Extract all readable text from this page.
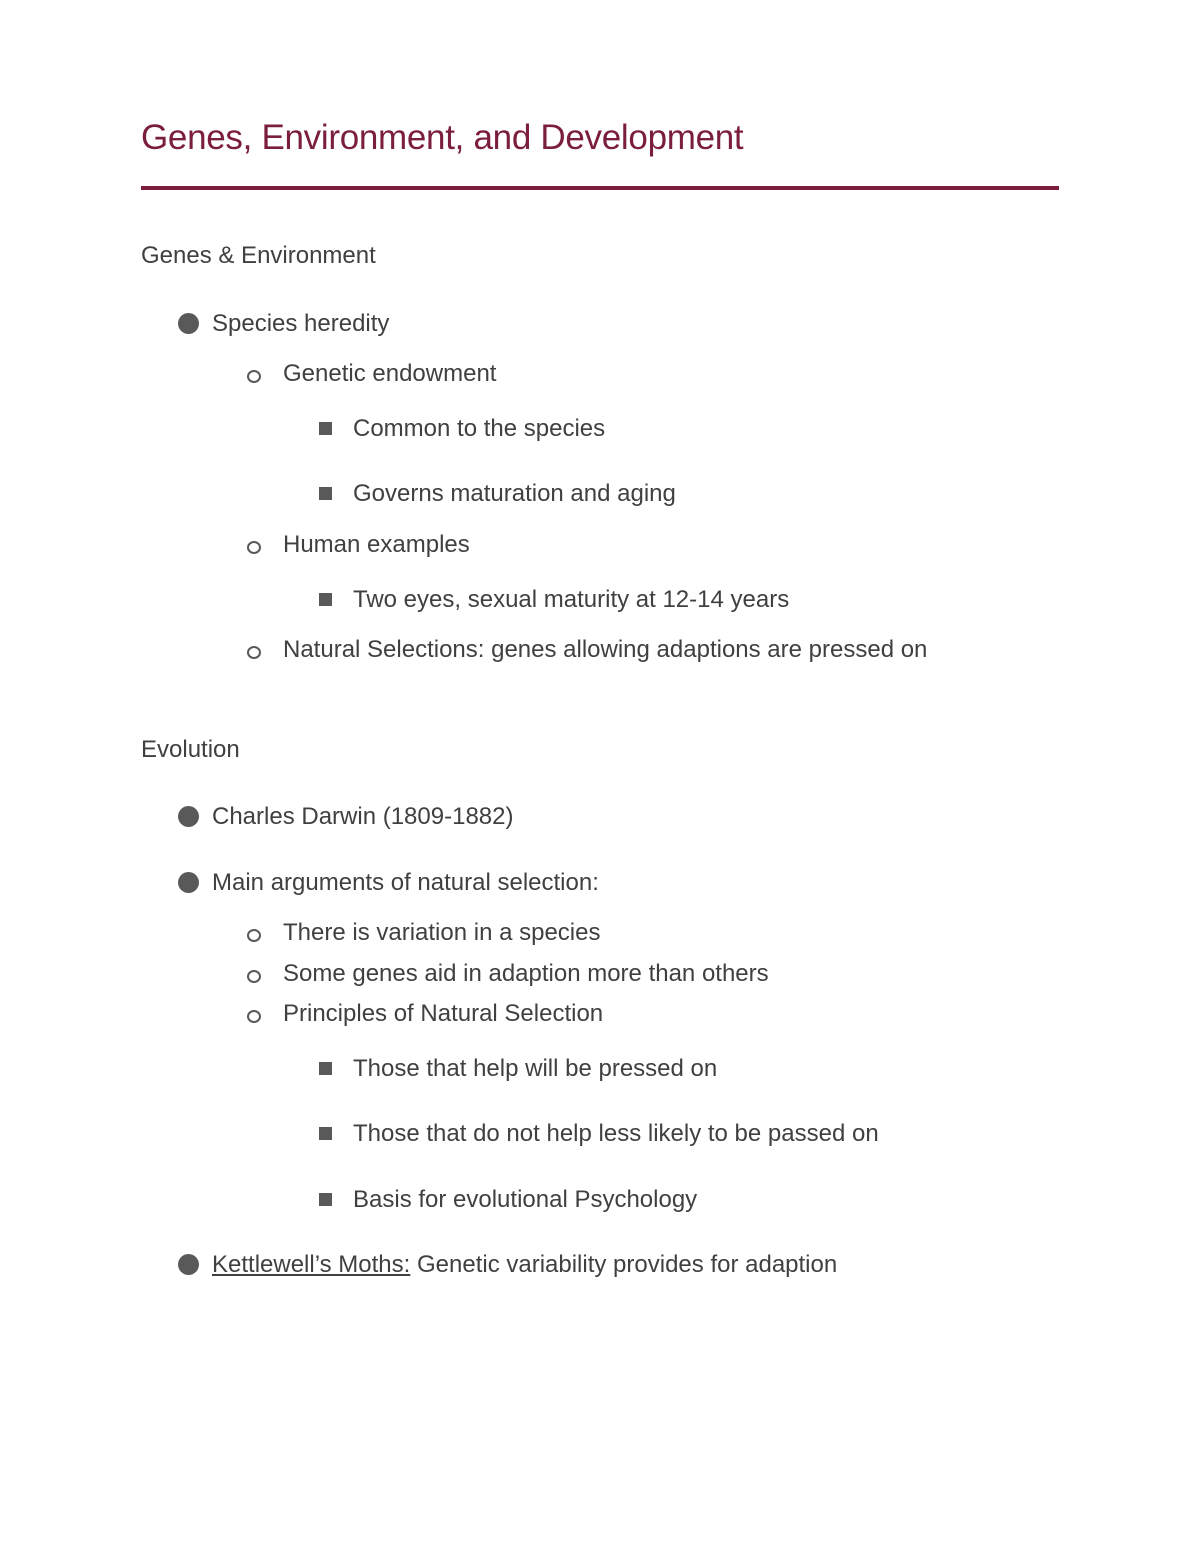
Genes, Environment, and Development
Genes & Environment
Species heredity
Genetic endowment
Common to the species
Governs maturation and aging
Human examples
Two eyes, sexual maturity at 12-14 years
Natural Selections: genes allowing adaptions are pressed on
Evolution
Charles Darwin (1809-1882)
Main arguments of natural selection:
There is variation in a species
Some genes aid in adaption more than others
Principles of Natural Selection
Those that help will be pressed on
Those that do not help less likely to be passed on
Basis for evolutional Psychology
Kettlewell’s Moths: Genetic variability provides for adaption
